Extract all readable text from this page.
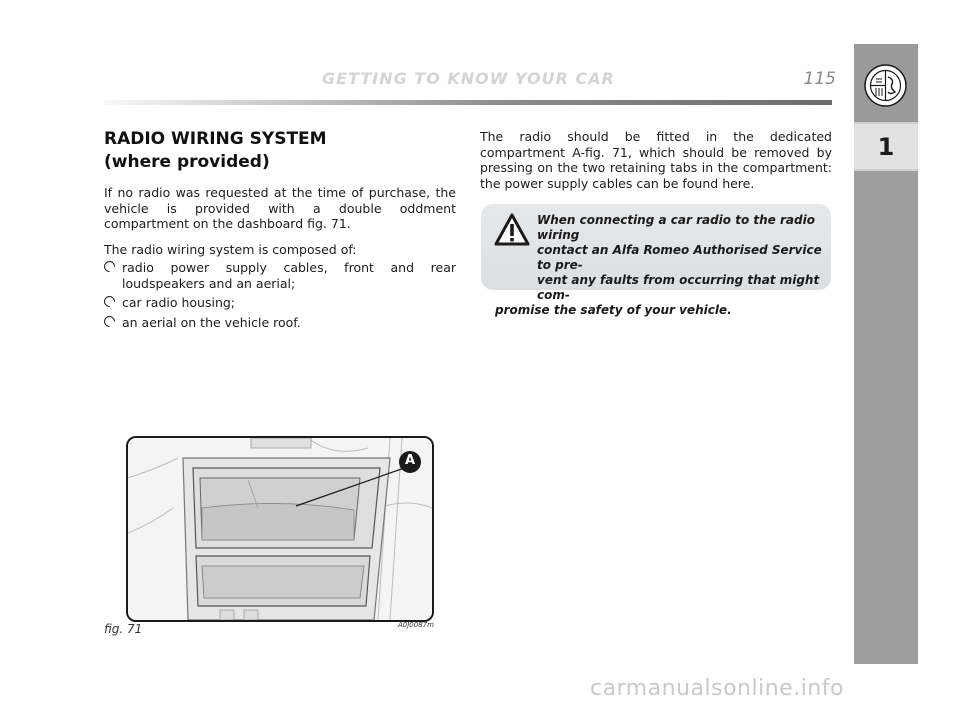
GETTING TO KNOW YOUR CAR	115
1
RADIO WIRING SYSTEM
(where provided)
If no radio was requested at the time of purchase, the vehicle is provided with a double oddment compartment on the dashboard fig. 71.
The radio wiring system is composed of:
radio power supply cables, front and rear loudspeakers and an aerial;
car radio housing;
an aerial on the vehicle roof.
The radio should be fitted in the dedicated compartment A-fig. 71, which should be removed by pressing on the two retaining tabs in the compartment: the power supply cables can be found here.
When connecting a car radio to the radio wiring
contact an Alfa Romeo Authorised Service to pre-
vent any faults from occurring that might com-
promise the safety of your vehicle.
A
fig. 71	A0J0087m
carmanualsonline.info
